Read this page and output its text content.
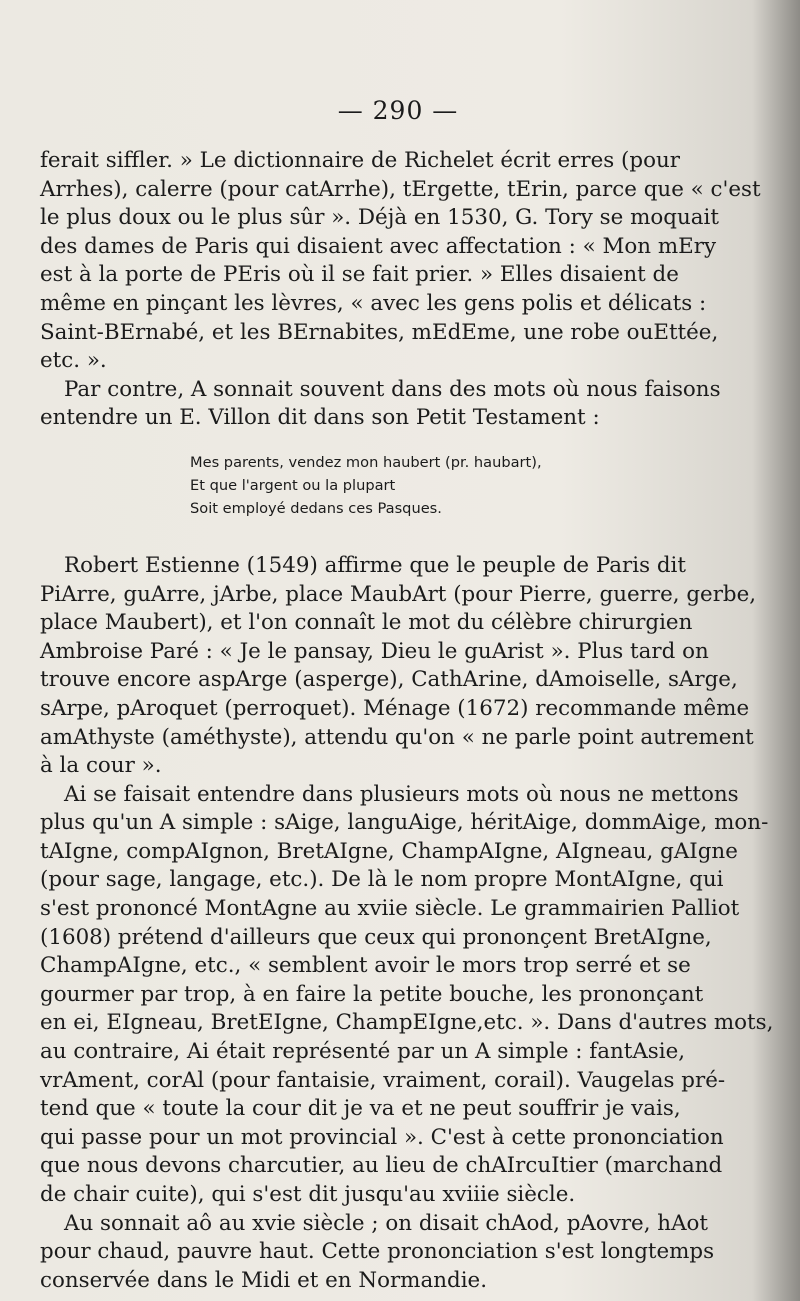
— 290 —

ferait siffler. » Le dictionnaire de Richelet écrit erres (pour
Arrhes), calerre (pour catArrhe), tErgette, tErin, parce que « c'est
le plus doux ou le plus sûr ». Déjà en 1530, G. Tory se moquait
des dames de Paris qui disaient avec affectation : « Mon mEry
est à la porte de PEris où il se fait prier. » Elles disaient de
même en pinçant les lèvres, « avec les gens polis et délicats :
Saint-BErnabé, et les BErnabites, mEdEme, une robe ouEttée,
etc. ».

Par contre, A sonnait souvent dans des mots où nous faisons
entendre un E. Villon dit dans son Petit Testament :

Mes parents, vendez mon haubert (pr. haubart),
Et que l'argent ou la plupart
Soit employé dedans ces Pasques.

Robert Estienne (1549) affirme que le peuple de Paris dit
PiArre, guArre, jArbe, place MaubArt (pour Pierre, guerre, gerbe,
place Maubert), et l'on connaît le mot du célèbre chirurgien
Ambroise Paré : « Je le pansay, Dieu le guArist ». Plus tard on
trouve encore aspArge (asperge), CathArine, dAmoiselle, sArge,
sArpe, pAroquet (perroquet). Ménage (1672) recommande même
amAthyste (améthyste), attendu qu'on « ne parle point autrement
à la cour ».

Ai se faisait entendre dans plusieurs mots où nous ne mettons
plus qu'un A simple : sAige, languAige, héritAige, dommAige, mon-
tAIgne, compAIgnon, BretAIgne, ChampAIgne, AIgneau, gAIgne
(pour sage, langage, etc.). De là le nom propre MontAIgne, qui
s'est prononcé MontAgne au xviie siècle. Le grammairien Palliot
(1608) prétend d'ailleurs que ceux qui prononçent BretAIgne,
ChampAIgne, etc., « semblent avoir le mors trop serré et se
gourmer par trop, à en faire la petite bouche, les prononçant
en ei, EIgneau, BretEIgne, ChampEIgne,etc. ». Dans d'autres mots,
au contraire, Ai était représenté par un A simple : fantAsie,
vrAment, corAl (pour fantaisie, vraiment, corail). Vaugelas pré-
tend que « toute la cour dit je va et ne peut souffrir je vais,
qui passe pour un mot provincial ». C'est à cette prononciation
que nous devons charcutier, au lieu de chAIrcuItier (marchand
de chair cuite), qui s'est dit jusqu'au xviiie siècle.

Au sonnait aô au xvie siècle ; on disait chAod, pAovre, hAot
pour chaud, pauvre haut. Cette prononciation s'est longtemps
conservée dans le Midi et en Normandie.
